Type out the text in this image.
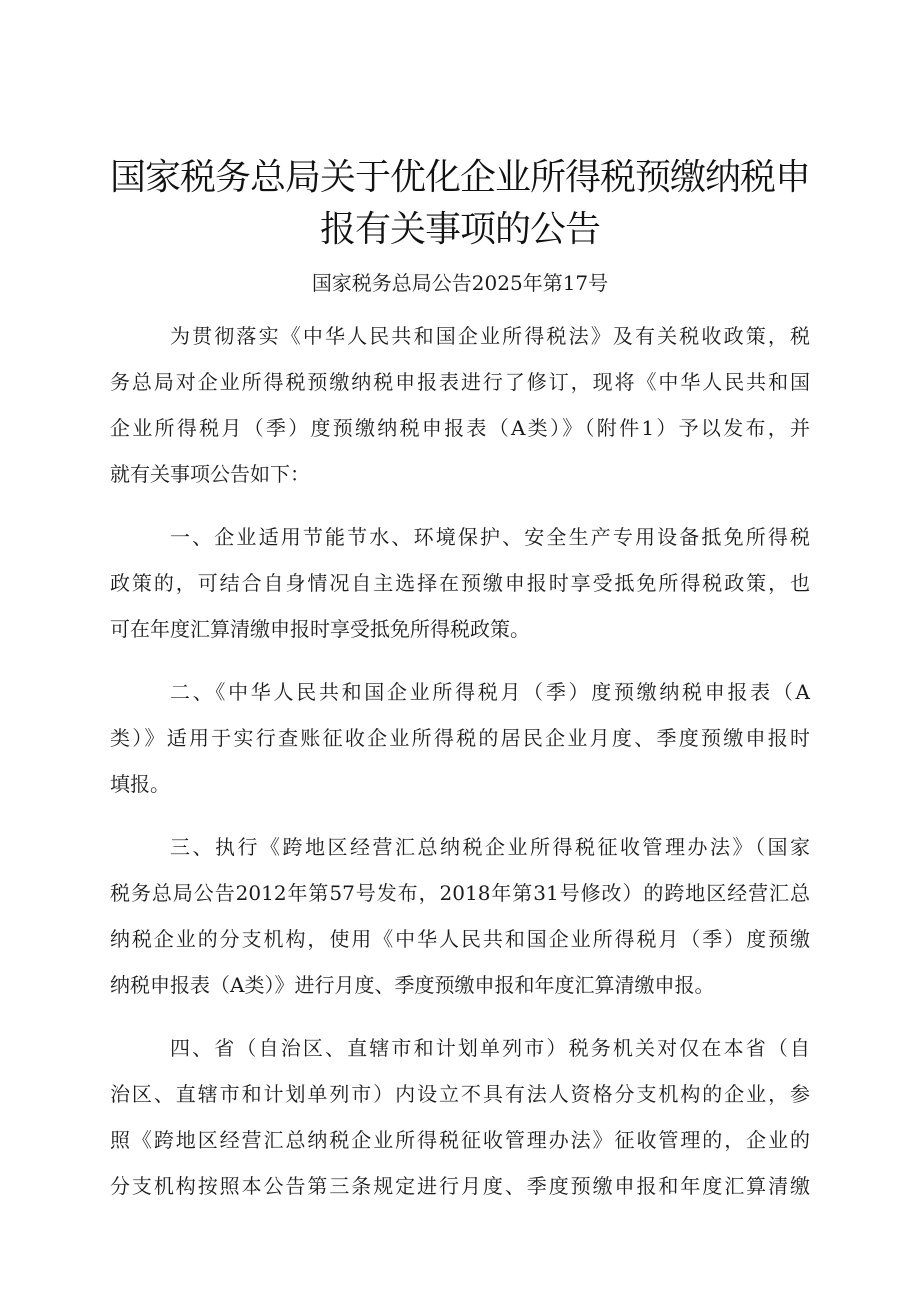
国家税务总局关于优化企业所得税预缴纳税申
报有关事项的公告
国家税务总局公告2025年第17号
为贯彻落实《中华人民共和国企业所得税法》及有关税收政策，税
务总局对企业所得税预缴纳税申报表进行了修订，现将《中华人民共和国
企业所得税月（季）度预缴纳税申报表（A类）》（附件1）予以发布，并
就有关事项公告如下：
一、企业适用节能节水、环境保护、安全生产专用设备抵免所得税
政策的，可结合自身情况自主选择在预缴申报时享受抵免所得税政策，也
可在年度汇算清缴申报时享受抵免所得税政策。
二、《中华人民共和国企业所得税月（季）度预缴纳税申报表（A
类）》适用于实行查账征收企业所得税的居民企业月度、季度预缴申报时
填报。
三、执行《跨地区经营汇总纳税企业所得税征收管理办法》（国家
税务总局公告2012年第57号发布，2018年第31号修改）的跨地区经营汇总
纳税企业的分支机构，使用《中华人民共和国企业所得税月（季）度预缴
纳税申报表（A类）》进行月度、季度预缴申报和年度汇算清缴申报。
四、省（自治区、直辖市和计划单列市）税务机关对仅在本省（自
治区、直辖市和计划单列市）内设立不具有法人资格分支机构的企业，参
照《跨地区经营汇总纳税企业所得税征收管理办法》征收管理的，企业的
分支机构按照本公告第三条规定进行月度、季度预缴申报和年度汇算清缴
